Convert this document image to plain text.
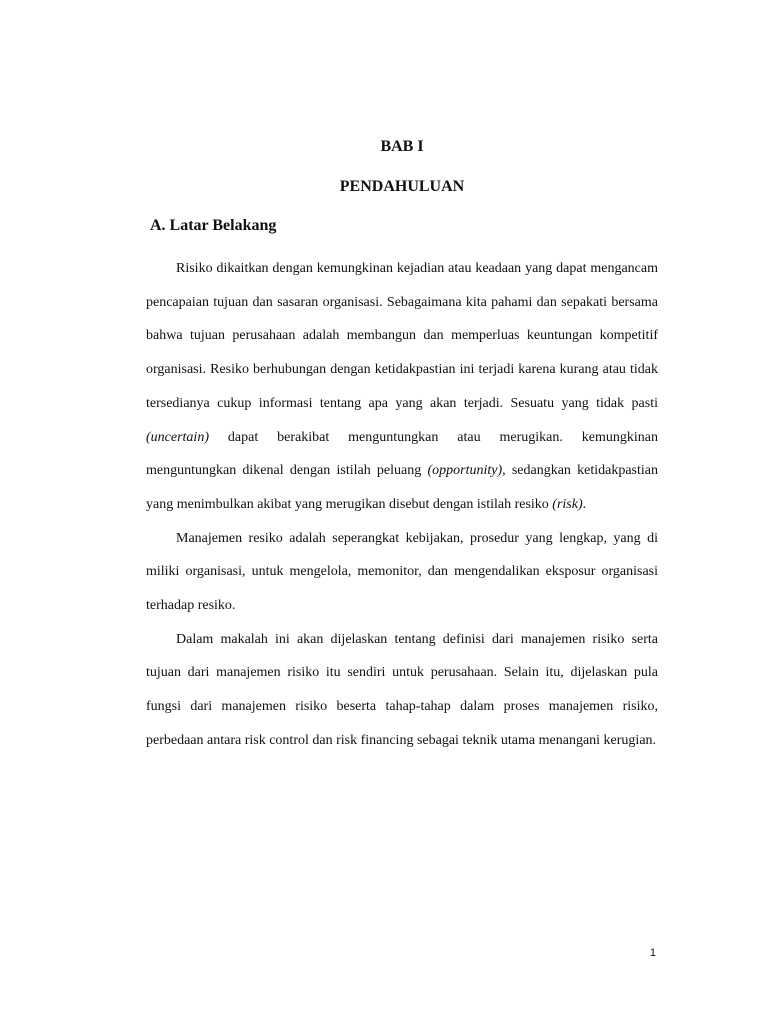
BAB I
PENDAHULUAN
A. Latar Belakang

Risiko dikaitkan dengan kemungkinan kejadian atau keadaan yang dapat mengancam pencapaian tujuan dan sasaran organisasi. Sebagaimana kita pahami dan sepakati bersama bahwa tujuan perusahaan adalah membangun dan memperluas keuntungan kompetitif organisasi. Resiko berhubungan dengan ketidakpastian ini terjadi karena kurang atau tidak tersedianya cukup informasi tentang apa yang akan terjadi. Sesuatu yang tidak pasti (uncertain) dapat berakibat menguntungkan atau merugikan. kemungkinan menguntungkan dikenal dengan istilah peluang (opportunity), sedangkan ketidakpastian yang menimbulkan akibat yang merugikan disebut dengan istilah resiko (risk).

Manajemen resiko adalah seperangkat kebijakan, prosedur yang lengkap, yang di miliki organisasi, untuk mengelola, memonitor, dan mengendalikan eksposur organisasi terhadap resiko.

Dalam makalah ini akan dijelaskan tentang definisi dari manajemen risiko serta tujuan dari manajemen risiko itu sendiri untuk perusahaan. Selain itu, dijelaskan pula fungsi dari manajemen risiko beserta tahap-tahap dalam proses manajemen risiko, perbedaan antara risk control dan risk financing sebagai teknik utama menangani kerugian.

1
